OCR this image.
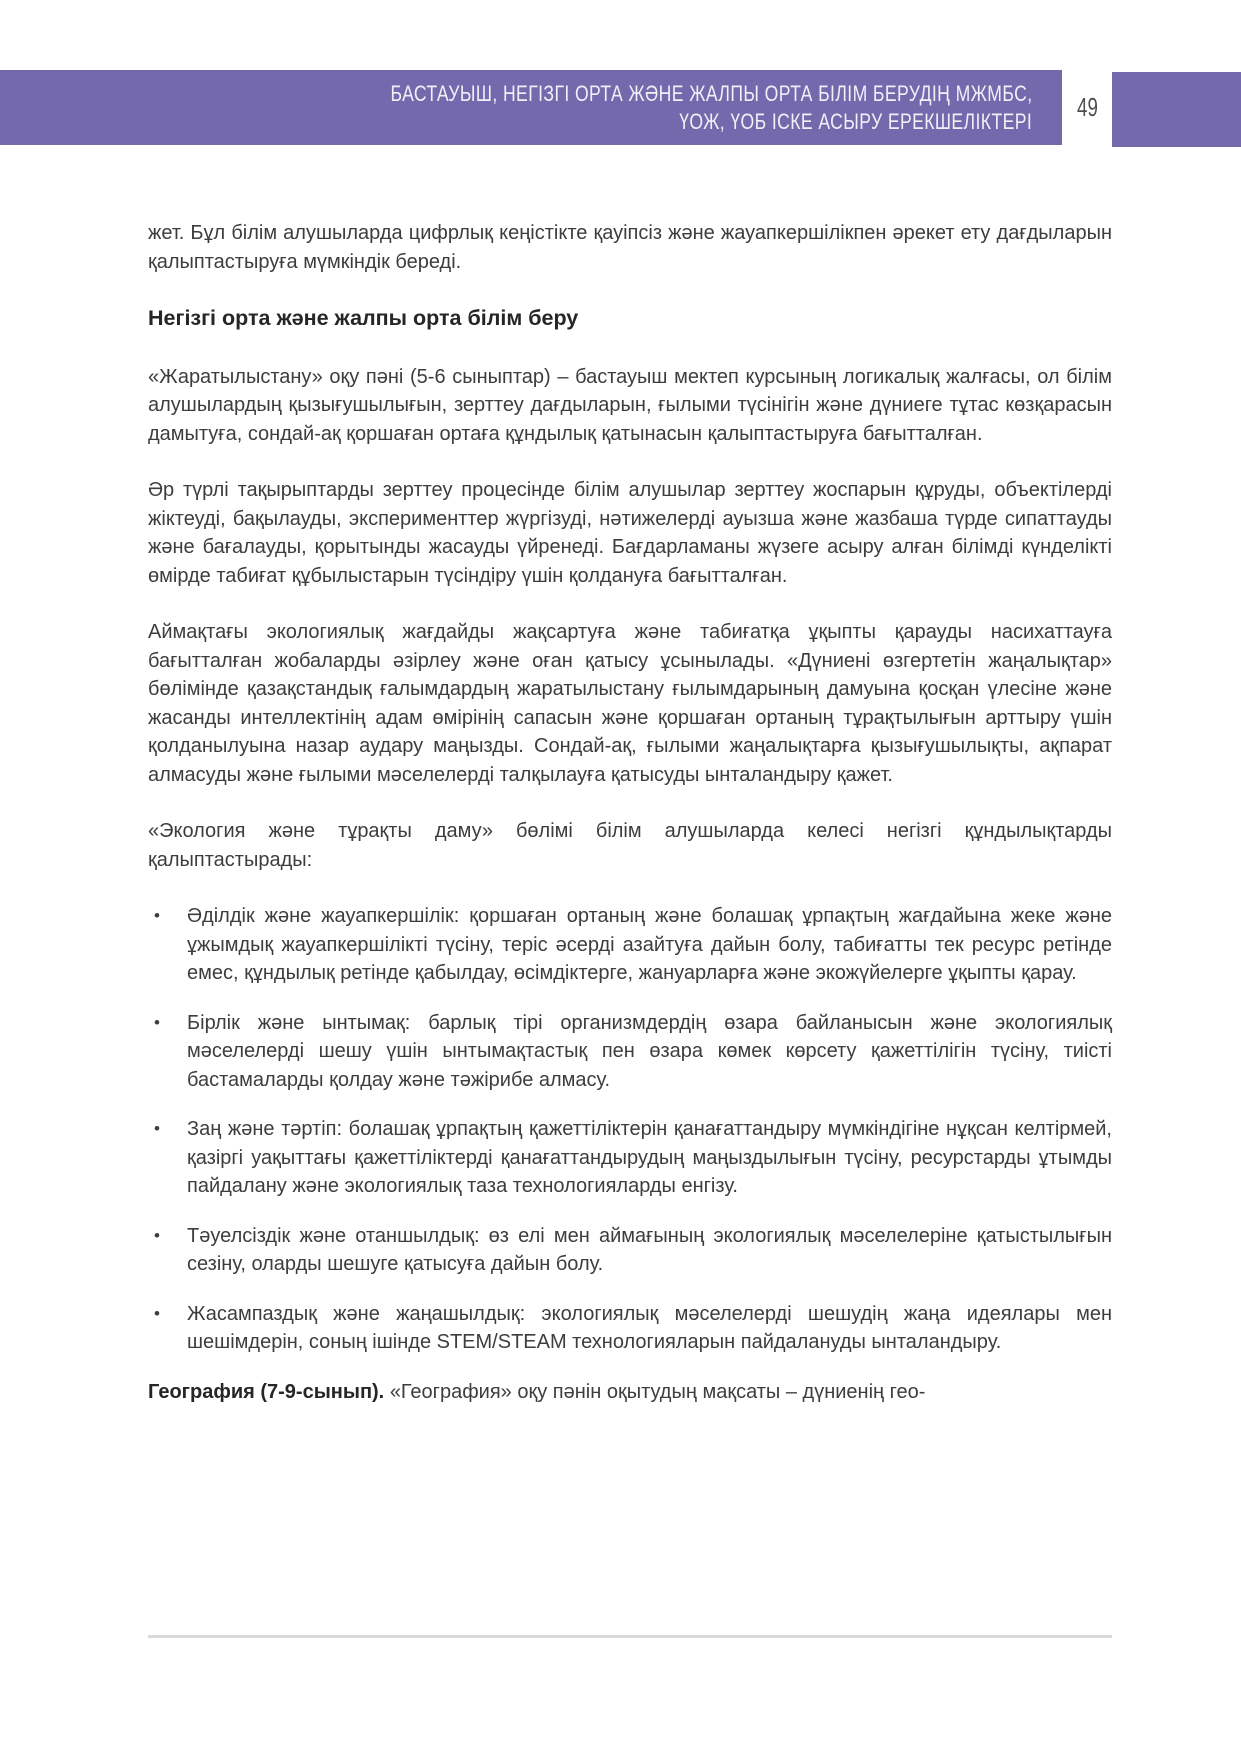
БАСТАУЫШ, НЕГІЗГІ ОРТА ЖӘНЕ ЖАЛПЫ ОРТА БІЛІМ БЕРУДІҢ МЖМБС,
ҮОЖ, ҮОБ ІСКЕ АСЫРУ ЕРЕКШЕЛІКТЕРІ 49

жет. Бұл білім алушыларда цифрлық кеңістікте қауіпсіз және жауапкершілікпен әрекет ету дағдыларын қалыптастыруға мүмкіндік береді.

Негізгі орта және жалпы орта білім беру

«Жаратылыстану» оқу пәні (5-6 сыныптар) – бастауыш мектеп курсының логикалық жалғасы, ол білім алушылардың қызығушылығын, зерттеу дағдыларын, ғылыми түсінігін және дүниеге тұтас көзқарасын дамытуға, сондай-ақ қоршаған ортаға құндылық қатынасын қалыптастыруға бағытталған.

Әр түрлі тақырыптарды зерттеу процесінде білім алушылар зерттеу жоспарын құруды, объектілерді жіктеуді, бақылауды, эксперименттер жүргізуді, нәтижелерді ауызша және жазбаша түрде сипаттауды және бағалауды, қорытынды жасауды үйренеді. Бағдарламаны жүзеге асыру алған білімді күнделікті өмірде табиғат құбылыстарын түсіндіру үшін қолдануға бағытталған.

Аймақтағы экологиялық жағдайды жақсартуға және табиғатқа ұқыпты қарауды насихаттауға бағытталған жобаларды әзірлеу және оған қатысу ұсынылады. «Дүниені өзгертетін жаңалықтар» бөлімінде қазақстандық ғалымдардың жаратылыстану ғылымдарының дамуына қосқан үлесіне және жасанды интеллектінің адам өмірінің сапасын және қоршаған ортаның тұрақтылығын арттыру үшін қолданылуына назар аудару маңызды. Сондай-ақ, ғылыми жаңалықтарға қызығушылықты, ақпарат алмасуды және ғылыми мәселелерді талқылауға қатысуды ынталандыру қажет.

«Экология және тұрақты даму» бөлімі білім алушыларда келесі негізгі құндылықтарды қалыптастырады:

•	Әділдік және жауапкершілік: қоршаған ортаның және болашақ ұрпақтың жағдайына жеке және ұжымдық жауапкершілікті түсіну, теріс әсерді азайтуға дайын болу, табиғатты тек ресурс ретінде емес, құндылық ретінде қабылдау, өсімдіктерге, жануарларға және экожүйелерге ұқыпты қарау.
•	Бірлік және ынтымақ: барлық тірі организмдердің өзара байланысын және экологиялық мәселелерді шешу үшін ынтымақтастық пен өзара көмек көрсету қажеттілігін түсіну, тиісті бастамаларды қолдау және тәжірибе алмасу.
•	Заң және тәртіп: болашақ ұрпақтың қажеттіліктерін қанағаттандыру мүмкіндігіне нұқсан келтірмей, қазіргі уақыттағы қажеттіліктерді қанағаттандырудың маңыздылығын түсіну, ресурстарды ұтымды пайдалану және экологиялық таза технологияларды енгізу.
•	Тәуелсіздік және отаншылдық: өз елі мен аймағының экологиялық мәселелеріне қатыстылығын сезіну, оларды шешуге қатысуға дайын болу.
•	Жасампаздық және жаңашылдық: экологиялық мәселелерді шешудің жаңа идеялары мен шешімдерін, соның ішінде STEM/STEAM технологияларын пайдалануды ынталандыру.

География (7-9-сынып). «География» оқу пәнін оқытудың мақсаты – дүниенің гео-
